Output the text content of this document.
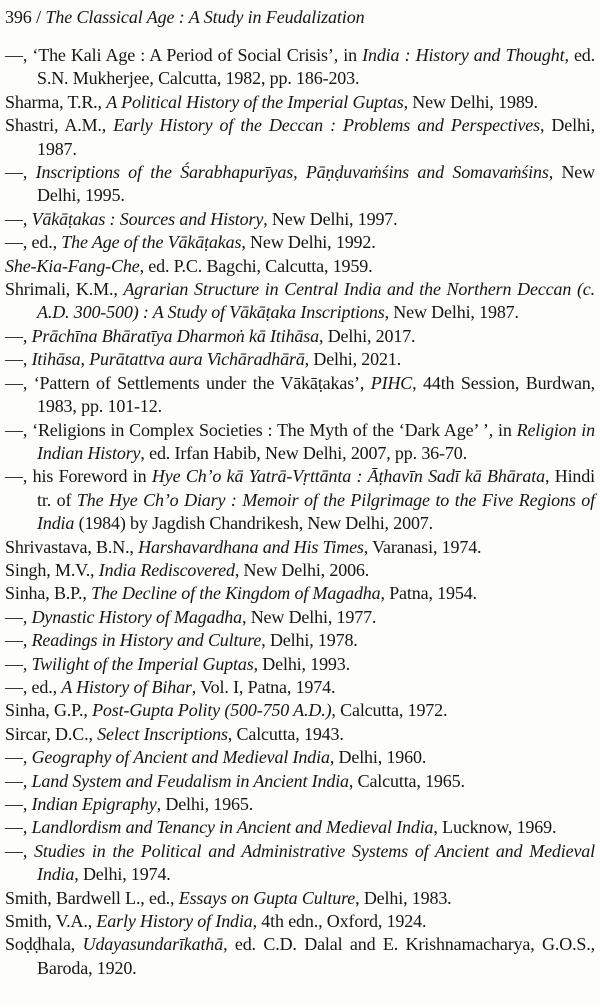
396 / The Classical Age : A Study in Feudalization

—, ‘The Kali Age : A Period of Social Crisis’, in India : History and Thought, ed. S.N. Mukherjee, Calcutta, 1982, pp. 186-203.

Sharma, T.R., A Political History of the Imperial Guptas, New Delhi, 1989.

Shastri, A.M., Early History of the Deccan : Problems and Perspectives, Delhi, 1987.

—, Inscriptions of the Śarabhapurīyas, Pāṇḍuvaṁśins and Somavaṁśins, New Delhi, 1995.

—, Vākāṭakas : Sources and History, New Delhi, 1997.

—, ed., The Age of the Vākāṭakas, New Delhi, 1992.

She-Kia-Fang-Che, ed. P.C. Bagchi, Calcutta, 1959.

Shrimali, K.M., Agrarian Structure in Central India and the Northern Deccan (c. A.D. 300-500) : A Study of Vākāṭaka Inscriptions, New Delhi, 1987.

—, Prāchīna Bhāratīya Dharmoṅ kā Itihāsa, Delhi, 2017.

—, Itihāsa, Purātattva aura Vichāradhārā, Delhi, 2021.

—, ‘Pattern of Settlements under the Vākāṭakas’, PIHC, 44th Session, Burdwan, 1983, pp. 101-12.

—, ‘Religions in Complex Societies : The Myth of the ‘Dark Age’ ’, in Religion in Indian History, ed. Irfan Habib, New Delhi, 2007, pp. 36-70.

—, his Foreword in Hye Ch’o kā Yatrā-Vṛttānta : Āṭhavīn Sadī kā Bhārata, Hindi tr. of The Hye Ch’o Diary : Memoir of the Pilgrimage to the Five Regions of India (1984) by Jagdish Chandrikesh, New Delhi, 2007.

Shrivastava, B.N., Harshavardhana and His Times, Varanasi, 1974.

Singh, M.V., India Rediscovered, New Delhi, 2006.

Sinha, B.P., The Decline of the Kingdom of Magadha, Patna, 1954.

—, Dynastic History of Magadha, New Delhi, 1977.

—, Readings in History and Culture, Delhi, 1978.

—, Twilight of the Imperial Guptas, Delhi, 1993.

—, ed., A History of Bihar, Vol. I, Patna, 1974.

Sinha, G.P., Post-Gupta Polity (500-750 A.D.), Calcutta, 1972.

Sircar, D.C., Select Inscriptions, Calcutta, 1943.

—, Geography of Ancient and Medieval India, Delhi, 1960.

—, Land System and Feudalism in Ancient India, Calcutta, 1965.

—, Indian Epigraphy, Delhi, 1965.

—, Landlordism and Tenancy in Ancient and Medieval India, Lucknow, 1969.

—, Studies in the Political and Administrative Systems of Ancient and Medieval India, Delhi, 1974.

Smith, Bardwell L., ed., Essays on Gupta Culture, Delhi, 1983.

Smith, V.A., Early History of India, 4th edn., Oxford, 1924.

Soḍḍhala, Udayasundarīkathā, ed. C.D. Dalal and E. Krishnamacharya, G.O.S., Baroda, 1920.
